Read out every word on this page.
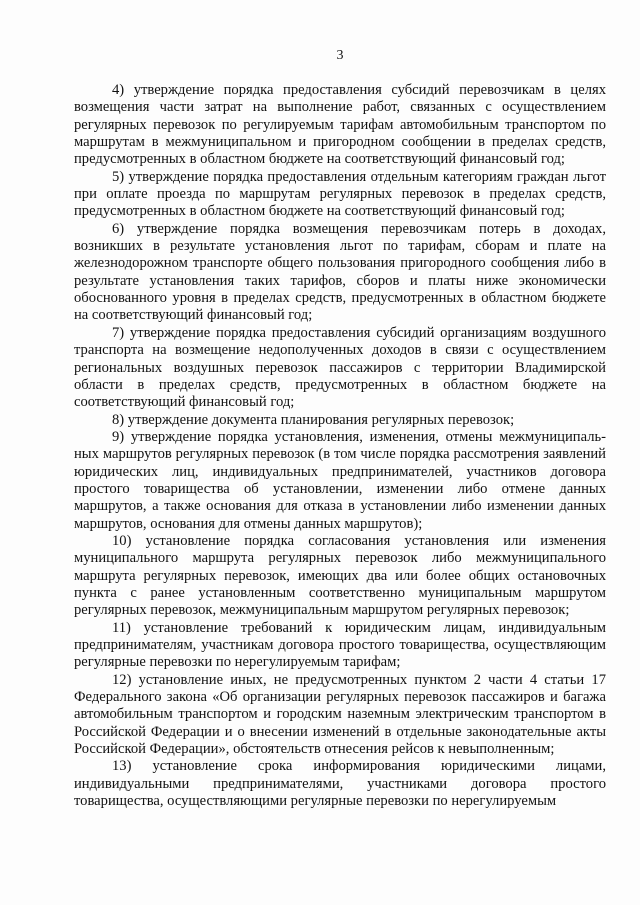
3

4) утверждение порядка предоставления субсидий перевозчикам в целях возмещения части затрат на выполнение работ, связанных с осуществлением регулярных перевозок по регулируемым тарифам автомобильным транспортом по маршрутам в межмуниципальном и пригородном сообщении в пределах средств, предусмотренных в областном бюджете на соответствующий финансовый год;

5) утверждение порядка предоставления отдельным категориям граждан льгот при оплате проезда по маршрутам регулярных перевозок в пределах средств, предусмотренных в областном бюджете на соответствующий финансовый год;

6) утверждение порядка возмещения перевозчикам потерь в доходах, возникших в результате установления льгот по тарифам, сборам и плате на железнодорожном транспорте общего пользования пригородного сообщения либо в результате установления таких тарифов, сборов и платы ниже экономически обоснованного уровня в пределах средств, предусмотренных в областном бюджете на соответствующий финансовый год;

7) утверждение порядка предоставления субсидий организациям воздушного транспорта на возмещение недополученных доходов в связи с осуществлением региональных воздушных перевозок пассажиров с территории Владимирской области в пределах средств, предусмотренных в областном бюджете на соответствующий финансовый год;

8) утверждение документа планирования регулярных перевозок;

9) утверждение порядка установления, изменения, отмены межмуниципаль-ных маршрутов регулярных перевозок (в том числе порядка рассмотрения заявлений юридических лиц, индивидуальных предпринимателей, участников договора простого товарищества об установлении, изменении либо отмене данных маршрутов, а также основания для отказа в установлении либо изменении данных маршрутов, основания для отмены данных маршрутов);

10) установление порядка согласования установления или изменения муниципального маршрута регулярных перевозок либо межмуниципального маршрута регулярных перевозок, имеющих два или более общих остановочных пункта с ранее установленным соответственно муниципальным маршрутом регулярных перевозок, межмуниципальным маршрутом регулярных перевозок;

11) установление требований к юридическим лицам, индивидуальным предпринимателям, участникам договора простого товарищества, осуществляющим регулярные перевозки по нерегулируемым тарифам;

12) установление иных, не предусмотренных пунктом 2 части 4 статьи 17 Федерального закона «Об организации регулярных перевозок пассажиров и багажа автомобильным транспортом и городским наземным электрическим транспортом в Российской Федерации и о внесении изменений в отдельные законодательные акты Российской Федерации», обстоятельств отнесения рейсов к невыполненным;

13) установление срока информирования юридическими лицами, индивидуальными предпринимателями, участниками договора простого товарищества, осуществляющими регулярные перевозки по нерегулируемым
